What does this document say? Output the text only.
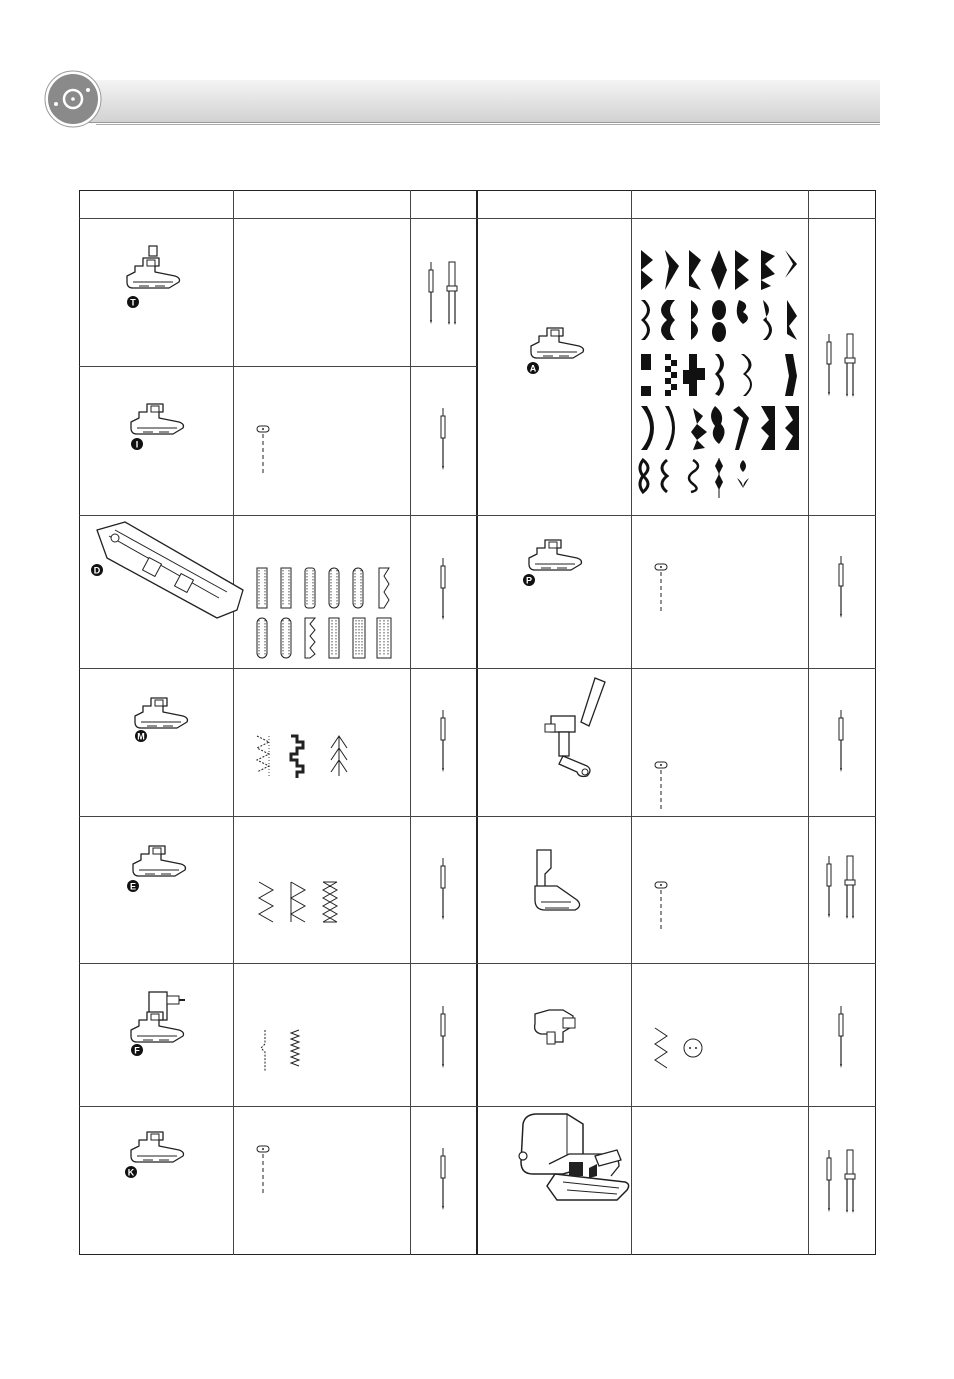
T
I
D
M
E
F
K
A
P
